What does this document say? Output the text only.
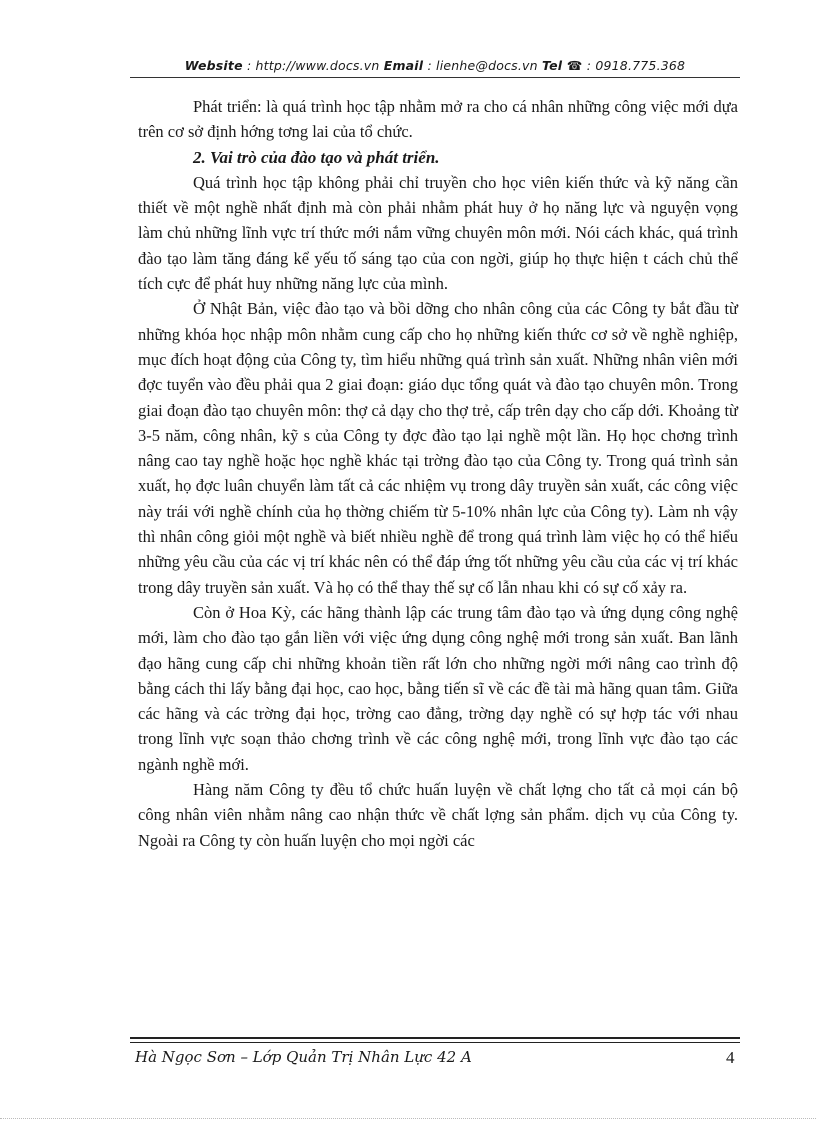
Website : http://www.docs.vn Email : lienhe@docs.vn Tel ☎ : 0918.775.368

Phát triển: là quá trình học tập nhằm mở ra cho cá nhân những công việc mới dựa trên cơ sở định hớng tơng lai của tổ chức.

2. Vai trò của đào tạo và phát triển.

Quá trình học tập không phải chỉ truyền cho học viên kiến thức và kỹ năng cần thiết về một nghề nhất định mà còn phải nhằm phát huy ở họ năng lực và nguyện vọng làm chủ những lĩnh vực trí thức mới nắm vững chuyên môn mới. Nói cách khác, quá trình đào tạo làm tăng đáng kể yếu tố sáng tạo của con ngời, giúp họ thực hiện t cách chủ thể tích cực để phát huy những năng lực của mình.

Ở Nhật Bản, việc đào tạo và bồi dỡng cho nhân công của các Công ty bắt đầu từ những khóa học nhập môn nhằm cung cấp cho họ những kiến thức cơ sở về nghề nghiệp, mục đích hoạt động của Công ty, tìm hiểu những quá trình sản xuất. Những nhân viên mới đợc tuyển vào đều phải qua 2 giai đoạn: giáo dục tổng quát và đào tạo chuyên môn. Trong giai đoạn đào tạo chuyên môn: thợ cả dạy cho thợ trẻ, cấp trên dạy cho cấp dới. Khoảng từ 3-5 năm, công nhân, kỹ s của Công ty đợc đào tạo lại nghề một lần. Họ học chơng trình nâng cao tay nghề hoặc học nghề khác tại trờng đào tạo của Công ty. Trong quá trình sản xuất, họ đợc luân chuyển làm tất cả các nhiệm vụ trong dây truyền sản xuất, các công việc này trái với nghề chính của họ thờng chiếm từ 5-10% nhân lực của Công ty). Làm nh vậy thì nhân công giỏi một nghề và biết nhiều nghề để trong quá trình làm việc họ có thể hiểu những yêu cầu của các vị trí khác nên có thể đáp ứng tốt những yêu cầu của các vị trí khác trong dây truyền sản xuất. Và họ có thể thay thế sự cố lẫn nhau khi có sự cố xảy ra.

Còn ở Hoa Kỳ, các hãng thành lập các trung tâm đào tạo và ứng dụng công nghệ mới, làm cho đào tạo gắn liền với việc ứng dụng công nghệ mới trong sản xuất. Ban lãnh đạo hãng cung cấp chi những khoản tiền rất lớn cho những ngời mới nâng cao trình độ bằng cách thi lấy bằng đại học, cao học, bằng tiến sĩ về các đề tài mà hãng quan tâm. Giữa các hãng và các trờng đại học, trờng cao đẳng, trờng dạy nghề có sự hợp tác với nhau trong lĩnh vực soạn thảo chơng trình về các công nghệ mới, trong lĩnh vực đào tạo các ngành nghề mới.

Hàng năm Công ty đều tổ chức huấn luyện về chất lợng cho tất cả mọi cán bộ công nhân viên nhằm nâng cao nhận thức về chất lợng sản phẩm. dịch vụ của Công ty. Ngoài ra Công ty còn huấn luyện cho mọi ngời các

Hà Ngọc Sơn – Lớp Quản Trị Nhân Lực 42 A	4
